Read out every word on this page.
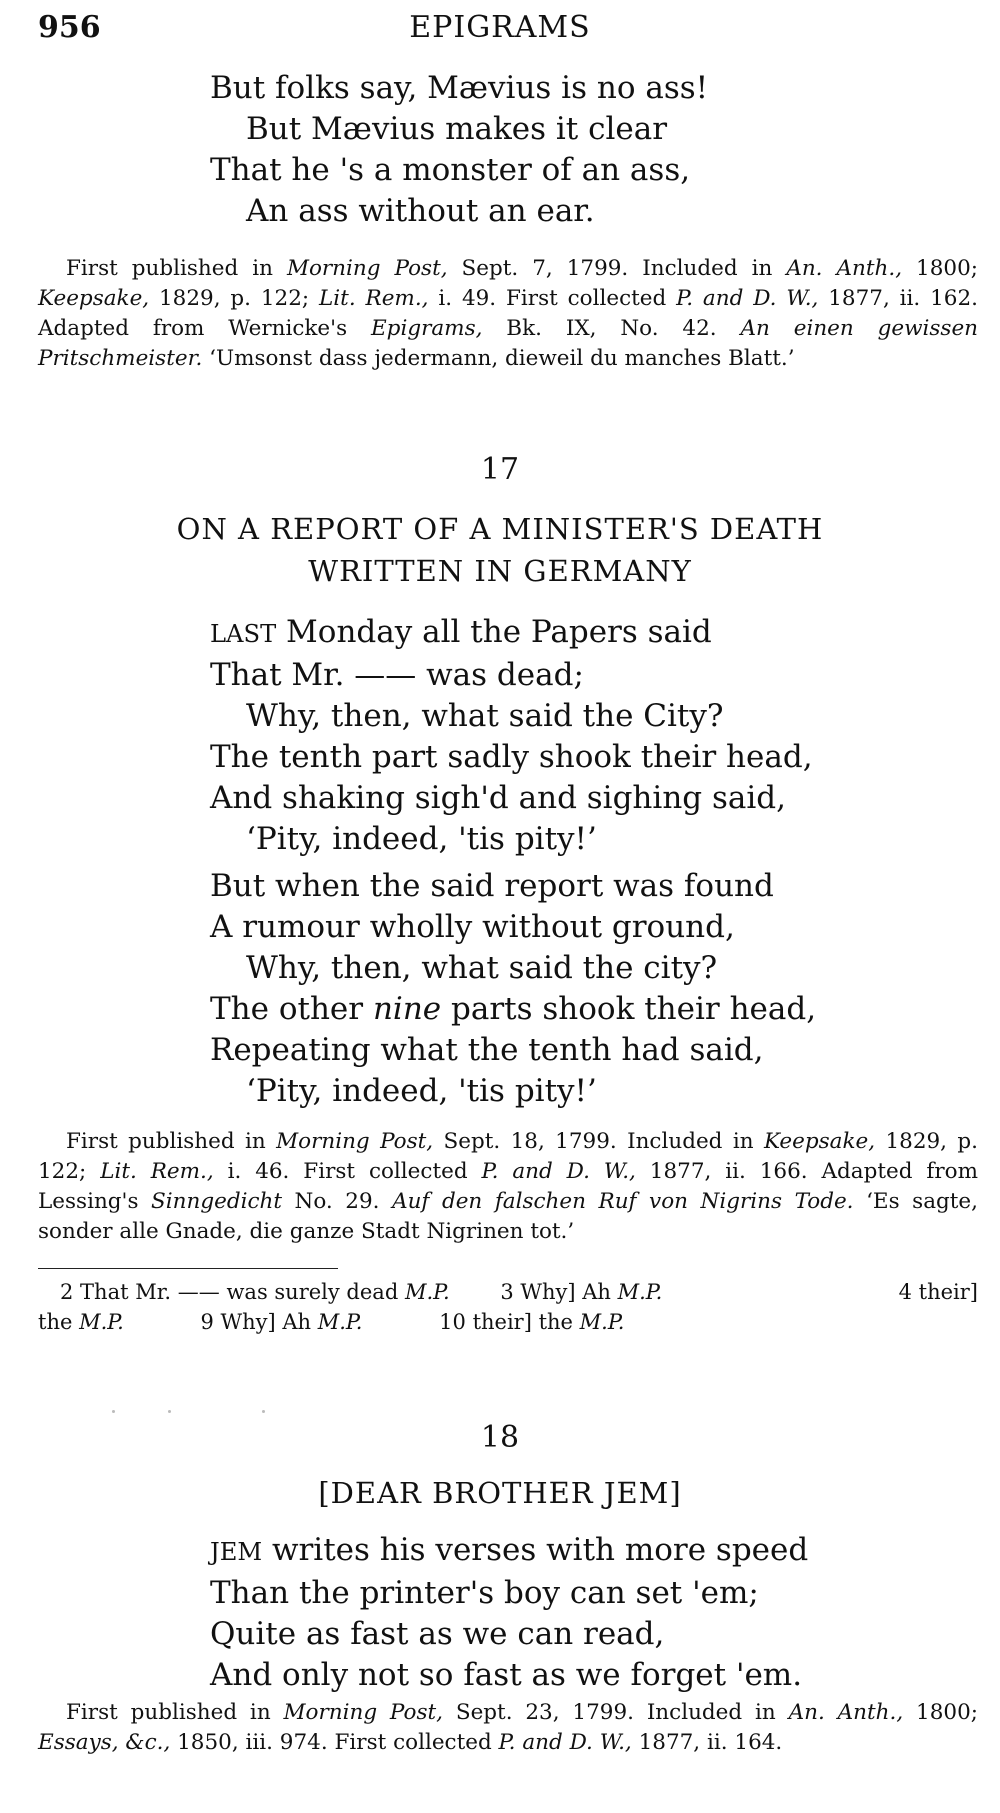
956	EPIGRAMS
But folks say, Mævius is no ass!
But Mævius makes it clear
That he 's a monster of an ass,
An ass without an ear.
First published in Morning Post, Sept. 7, 1799. Included in An. Anth., 1800; Keepsake, 1829, p. 122; Lit. Rem., i. 49. First collected P. and D. W., 1877, ii. 162. Adapted from Wernicke's Epigrams, Bk. IX, No. 42. An einen gewissen Pritschmeister. ‘Umsonst dass jedermann, dieweil du manches Blatt.’
17
ON A REPORT OF A MINISTER'S DEATH
WRITTEN IN GERMANY
LAST Monday all the Papers said
That Mr. —— was dead;
Why, then, what said the City?
The tenth part sadly shook their head,
And shaking sigh'd and sighing said,
‘Pity, indeed, 'tis pity!’
But when the said report was found
A rumour wholly without ground,
Why, then, what said the city?
The other nine parts shook their head,
Repeating what the tenth had said,
‘Pity, indeed, 'tis pity!’
First published in Morning Post, Sept. 18, 1799. Included in Keepsake, 1829, p. 122; Lit. Rem., i. 46. First collected P. and D. W., 1877, ii. 166. Adapted from Lessing's Sinngedicht No. 29. Auf den falschen Ruf von Nigrins Tode. ‘Es sagte, sonder alle Gnade, die ganze Stadt Nigrinen tot.’
2 That Mr. —— was surely dead M.P. 3 Why] Ah M.P.	4 their]
the M.P.	9 Why] Ah M.P.	10 their] the M.P.
18
[DEAR BROTHER JEM]
JEM writes his verses with more speed
Than the printer's boy can set 'em;
Quite as fast as we can read,
And only not so fast as we forget 'em.
First published in Morning Post, Sept. 23, 1799. Included in An. Anth., 1800; Essays, &c., 1850, iii. 974. First collected P. and D. W., 1877, ii. 164.
